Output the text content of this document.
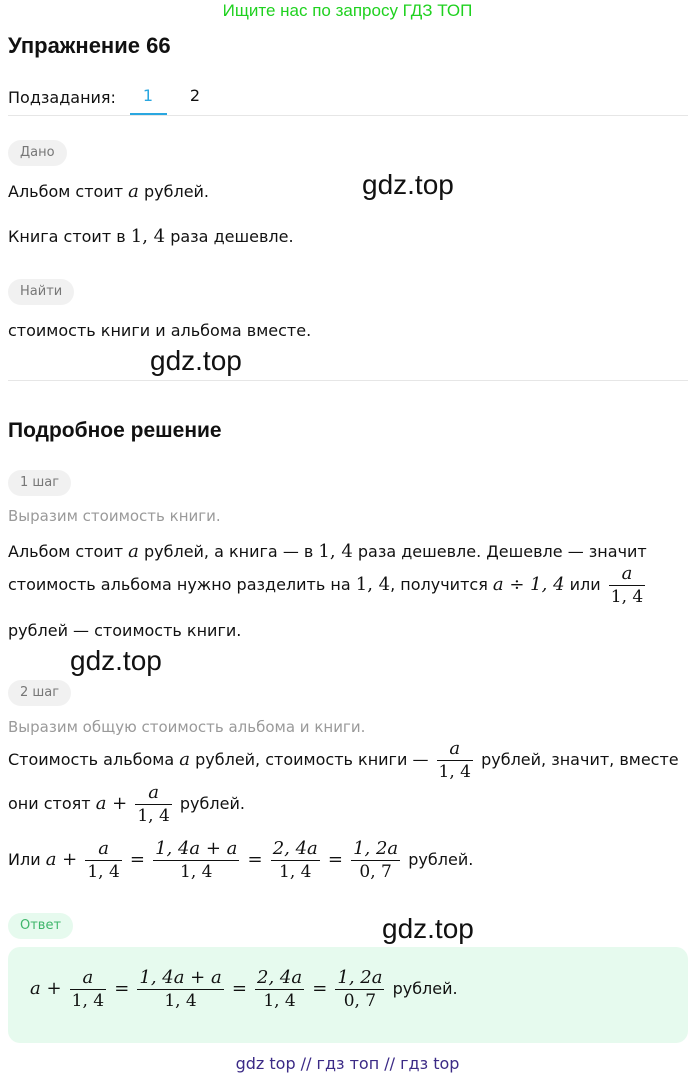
Ищите нас по запросу ГДЗ ТОП
Упражнение 66
Подзадания:	1	2
Дано
Альбом стоит a рублей.
Книга стоит в 1, 4 раза дешевле.
Найти
стоимость книги и альбома вместе.
gdz.top
gdz.top
gdz.top
gdz.top
Подробное решение
1 шаг
Выразим стоимость книги.
Альбом стоит a рублей, а книга — в 1, 4 раза дешевле. Дешевле — значит
стоимость альбома нужно разделить на 1, 4, получится a ÷ 1, 4 или $\frac{a}{1, 4}$
рублей — стоимость книги.
2 шаг
Выразим общую стоимость альбома и книги.
Стоимость альбома a рублей, стоимость книги — $\frac{a}{1, 4}$ рублей, значит, вместе
они стоят $a + \frac{a}{1, 4}$ рублей.
Или $a + \frac{a}{1, 4} = \frac{1, 4a + a}{1, 4} = \frac{2, 4a}{1, 4} = \frac{1, 2a}{0, 7}$ рублей.
Ответ
$a + \frac{a}{1, 4} = \frac{1, 4a + a}{1, 4} = \frac{2, 4a}{1, 4} = \frac{1, 2a}{0, 7}$ рублей.
gdz top // гдз топ // гдз top
